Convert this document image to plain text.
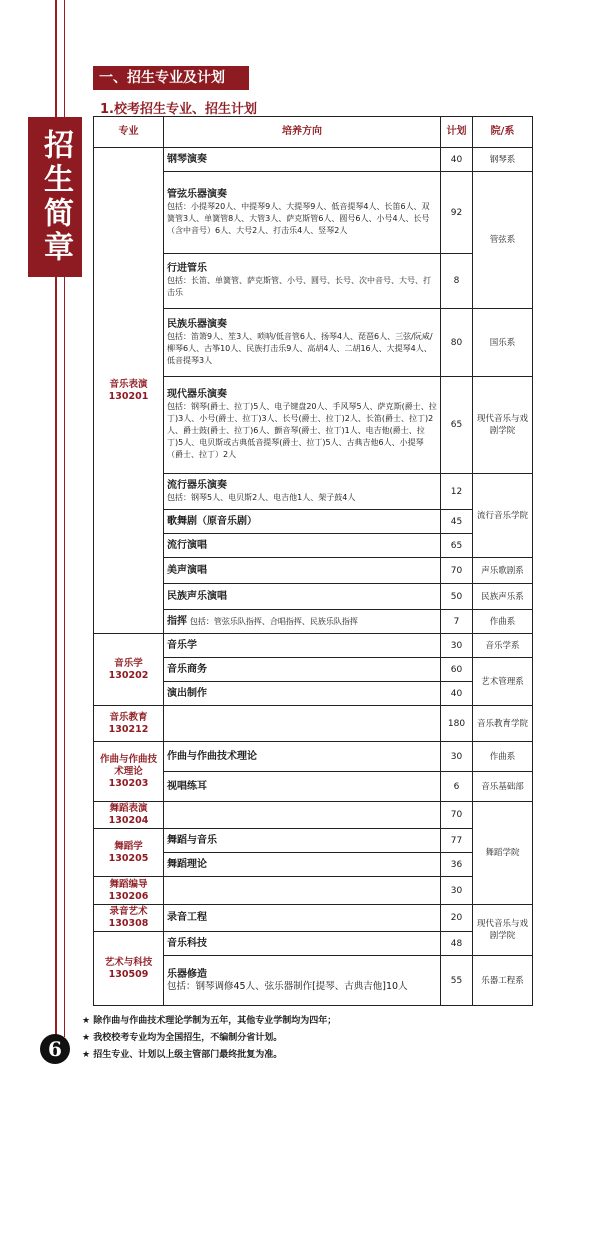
招生简章
一、招生专业及计划
1.校考招生专业、招生计划
专业	培养方向	计划	院/系
音乐表演
130201	钢琴演奏	40	钢琴系

	管弦乐器演奏
包括：小提琴20人、中提琴9人、大提琴9人、低音提琴4人、长笛6人、双簧管3人、单簧管8人、大管3人、萨克斯管6人、圆号6人、小号4人、长号（含中音号）6人、大号2人、打击乐4人、竖琴2人	92	管弦系

	行进管乐
包括：长笛、单簧管、萨克斯管、小号、圆号、长号、次中音号、大号、打击乐	8	

	民族乐器演奏
包括：笛箫9人、笙3人、唢呐/低音管6人、扬琴4人、琵琶6人、三弦/阮咸/柳琴6人、古筝10人、民族打击乐9人、高胡4人、二胡16人、大提琴4人、低音提琴3人	80	国乐系

	现代器乐演奏
包括：钢琴(爵士、拉丁)5人、电子键盘20人、手风琴5人、萨克斯(爵士、拉丁)3人、小号(爵士、拉丁)3人、长号(爵士、拉丁)2人、长笛(爵士、拉丁)2人、爵士鼓(爵士、拉丁)6人、颤音琴(爵士、拉丁)1人、电吉他(爵士、拉丁)5人、电贝斯或古典低音提琴(爵士、拉丁)5人、古典吉他6人、小提琴（爵士、拉丁）2人	65	现代音乐与戏剧学院

	流行器乐演奏
包括：钢琴5人、电贝斯2人、电吉他1人、架子鼓4人	12	流行音乐学院

	歌舞剧（原音乐剧）	45	

	流行演唱	65	

	美声演唱	70	声乐歌剧系

	民族声乐演唱	50	民族声乐系
	指挥 包括：管弦乐队指挥、合唱指挥、民族乐队指挥	7	作曲系
音乐学
130202	音乐学	30	音乐学系

	音乐商务	60	艺术管理系

	演出制作	40	
音乐教育
130212		180	音乐教育学院
作曲与作曲技术理论
130203	作曲与作曲技术理论	30	作曲系

	视唱练耳	6	音乐基础部
舞蹈表演
130204		70	舞蹈学院
舞蹈学
130205	舞蹈与音乐	77	

	舞蹈理论	36	
舞蹈编导
130206		30	
录音艺术
130308	录音工程	20	现代音乐与戏剧学院
艺术与科技
130509	音乐科技	48	

	乐器修造
包括：钢琴调修45人、弦乐器制作[提琴、古典吉他]10人	55	乐器工程系
★ 除作曲与作曲技术理论学制为五年，其他专业学制均为四年；
★ 我校校考专业均为全国招生，不编制分省计划。
★ 招生专业、计划以上级主管部门最终批复为准。
6
